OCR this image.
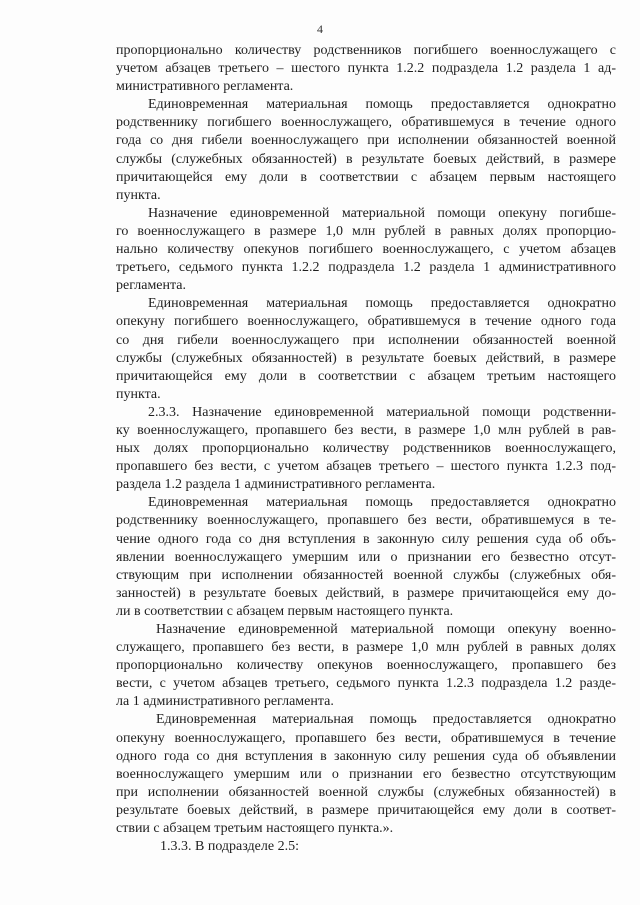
4
пропорционально количеству родственников погибшего военнослужащего с
учетом абзацев третьего – шестого пункта 1.2.2 подраздела 1.2 раздела 1 ад-
министративного регламента.
Единовременная материальная помощь предоставляется однократно
родственнику погибшего военнослужащего, обратившемуся в течение одного
года со дня гибели военнослужащего при исполнении обязанностей военной
службы (служебных обязанностей) в результате боевых действий, в размере
причитающейся ему доли в соответствии с абзацем первым настоящего
пункта.
Назначение единовременной материальной помощи опекуну погибше-
го военнослужащего в размере 1,0 млн рублей в равных долях пропорцио-
нально количеству опекунов погибшего военнослужащего, с учетом абзацев
третьего, седьмого пункта 1.2.2 подраздела 1.2 раздела 1 административного
регламента.
Единовременная материальная помощь предоставляется однократно
опекуну погибшего военнослужащего, обратившемуся в течение одного года
со дня гибели военнослужащего при исполнении обязанностей военной
службы (служебных обязанностей) в результате боевых действий, в размере
причитающейся ему доли в соответствии с абзацем третьим настоящего
пункта.
2.3.3. Назначение единовременной материальной помощи родственни-
ку военнослужащего, пропавшего без вести, в размере 1,0 млн рублей в рав-
ных долях пропорционально количеству родственников военнослужащего,
пропавшего без вести, с учетом абзацев третьего – шестого пункта 1.2.3 под-
раздела 1.2 раздела 1 административного регламента.
Единовременная материальная помощь предоставляется однократно
родственнику военнослужащего, пропавшего без вести, обратившемуся в те-
чение одного года со дня вступления в законную силу решения суда об объ-
явлении военнослужащего умершим или о признании его безвестно отсут-
ствующим при исполнении обязанностей военной службы (служебных обя-
занностей) в результате боевых действий, в размере причитающейся ему до-
ли в соответствии с абзацем первым настоящего пункта.
Назначение единовременной материальной помощи опекуну военно-
служащего, пропавшего без вести, в размере 1,0 млн рублей в равных долях
пропорционально количеству опекунов военнослужащего, пропавшего без
вести, с учетом абзацев третьего, седьмого пункта 1.2.3 подраздела 1.2 разде-
ла 1 административного регламента.
Единовременная материальная помощь предоставляется однократно
опекуну военнослужащего, пропавшего без вести, обратившемуся в течение
одного года со дня вступления в законную силу решения суда об объявлении
военнослужащего умершим или о признании его безвестно отсутствующим
при исполнении обязанностей военной службы (служебных обязанностей) в
результате боевых действий, в размере причитающейся ему доли в соответ-
ствии с абзацем третьим настоящего пункта.».
1.3.3. В подразделе 2.5:
